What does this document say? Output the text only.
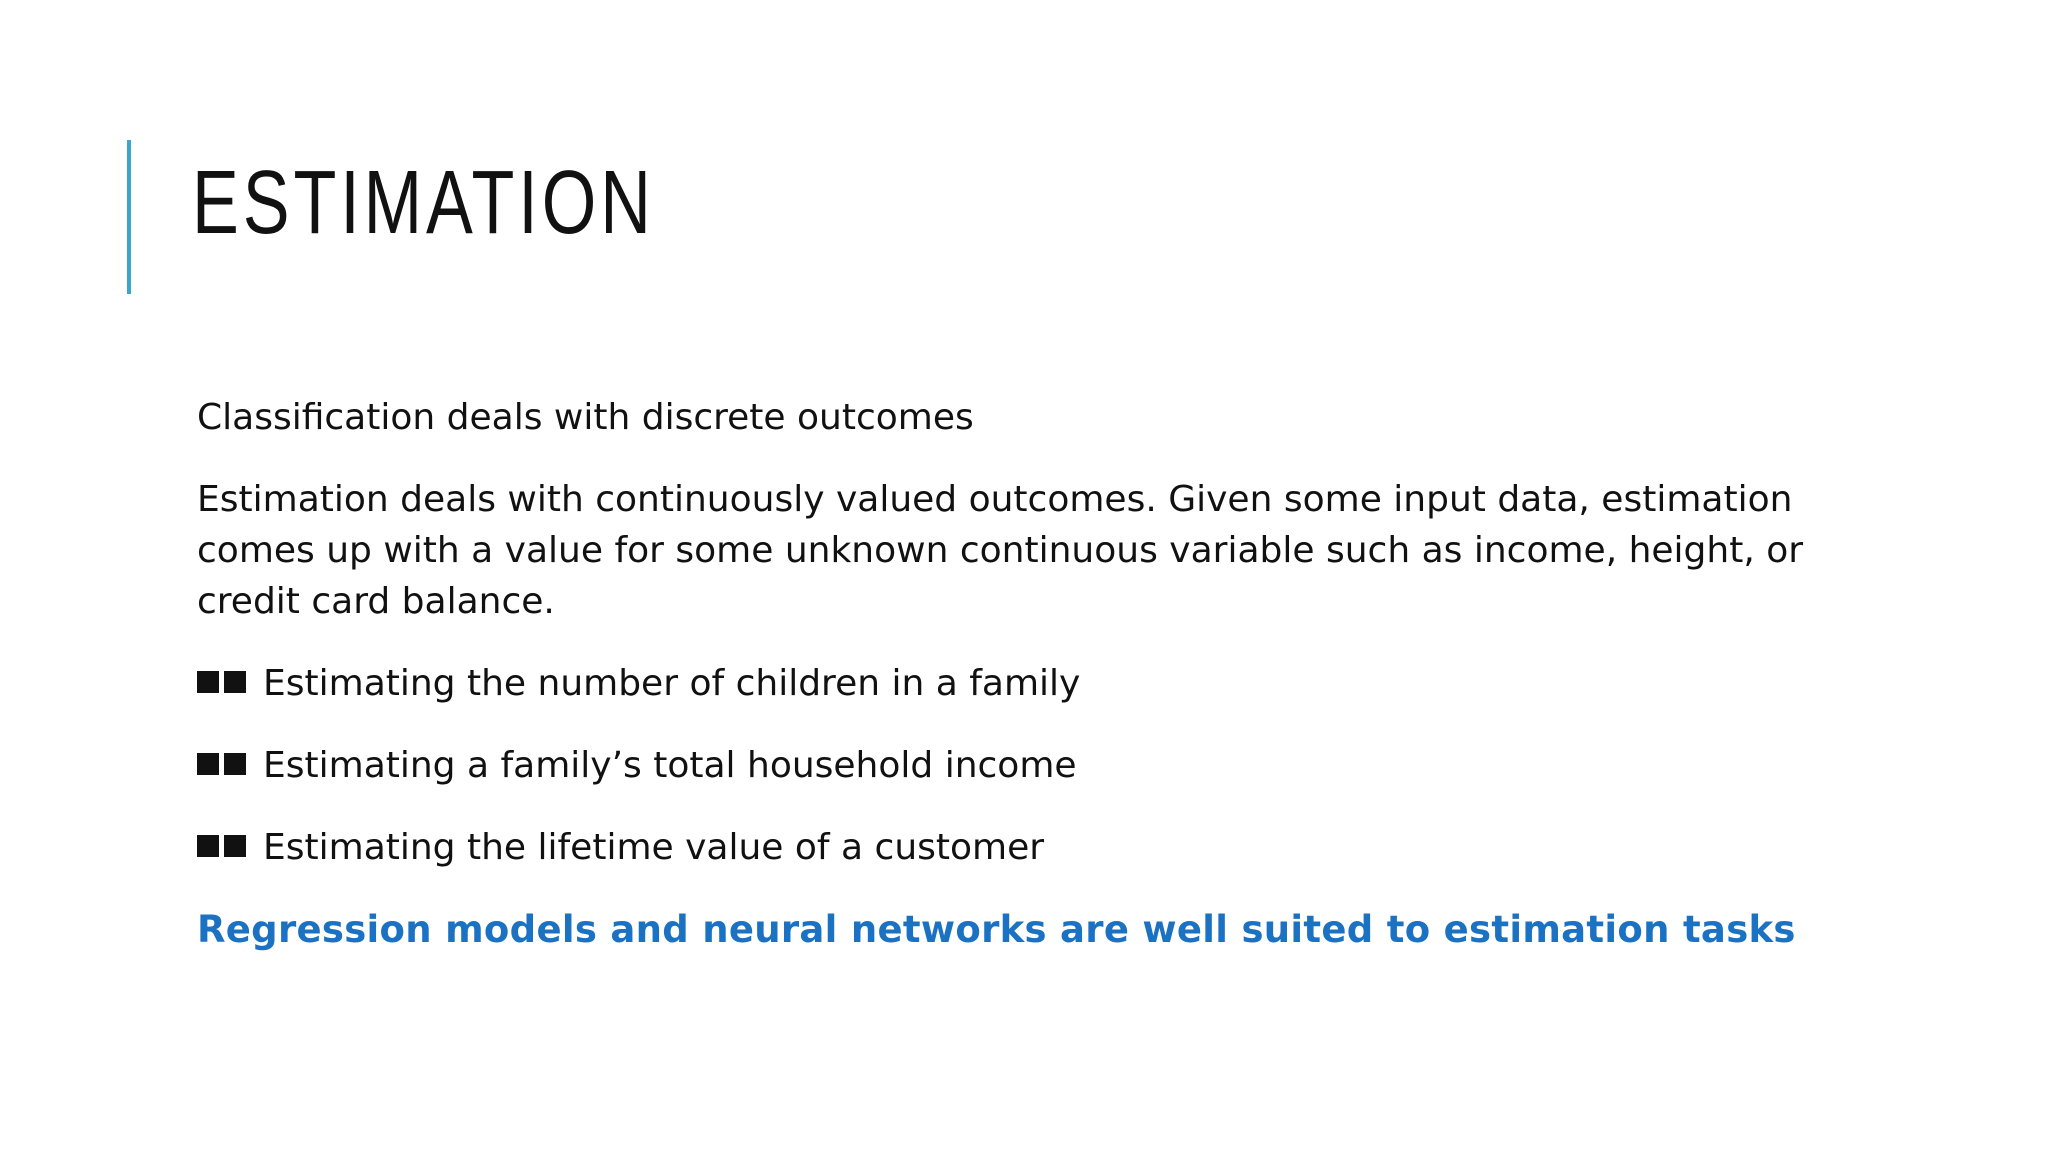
ESTIMATION

Classification deals with discrete outcomes

Estimation deals with continuously valued outcomes. Given some input data, estimation comes up with a value for some unknown continuous variable such as income, height, or credit card balance.

Estimating the number of children in a family

Estimating a family’s total household income

Estimating the lifetime value of a customer

Regression models and neural networks are well suited to estimation tasks
